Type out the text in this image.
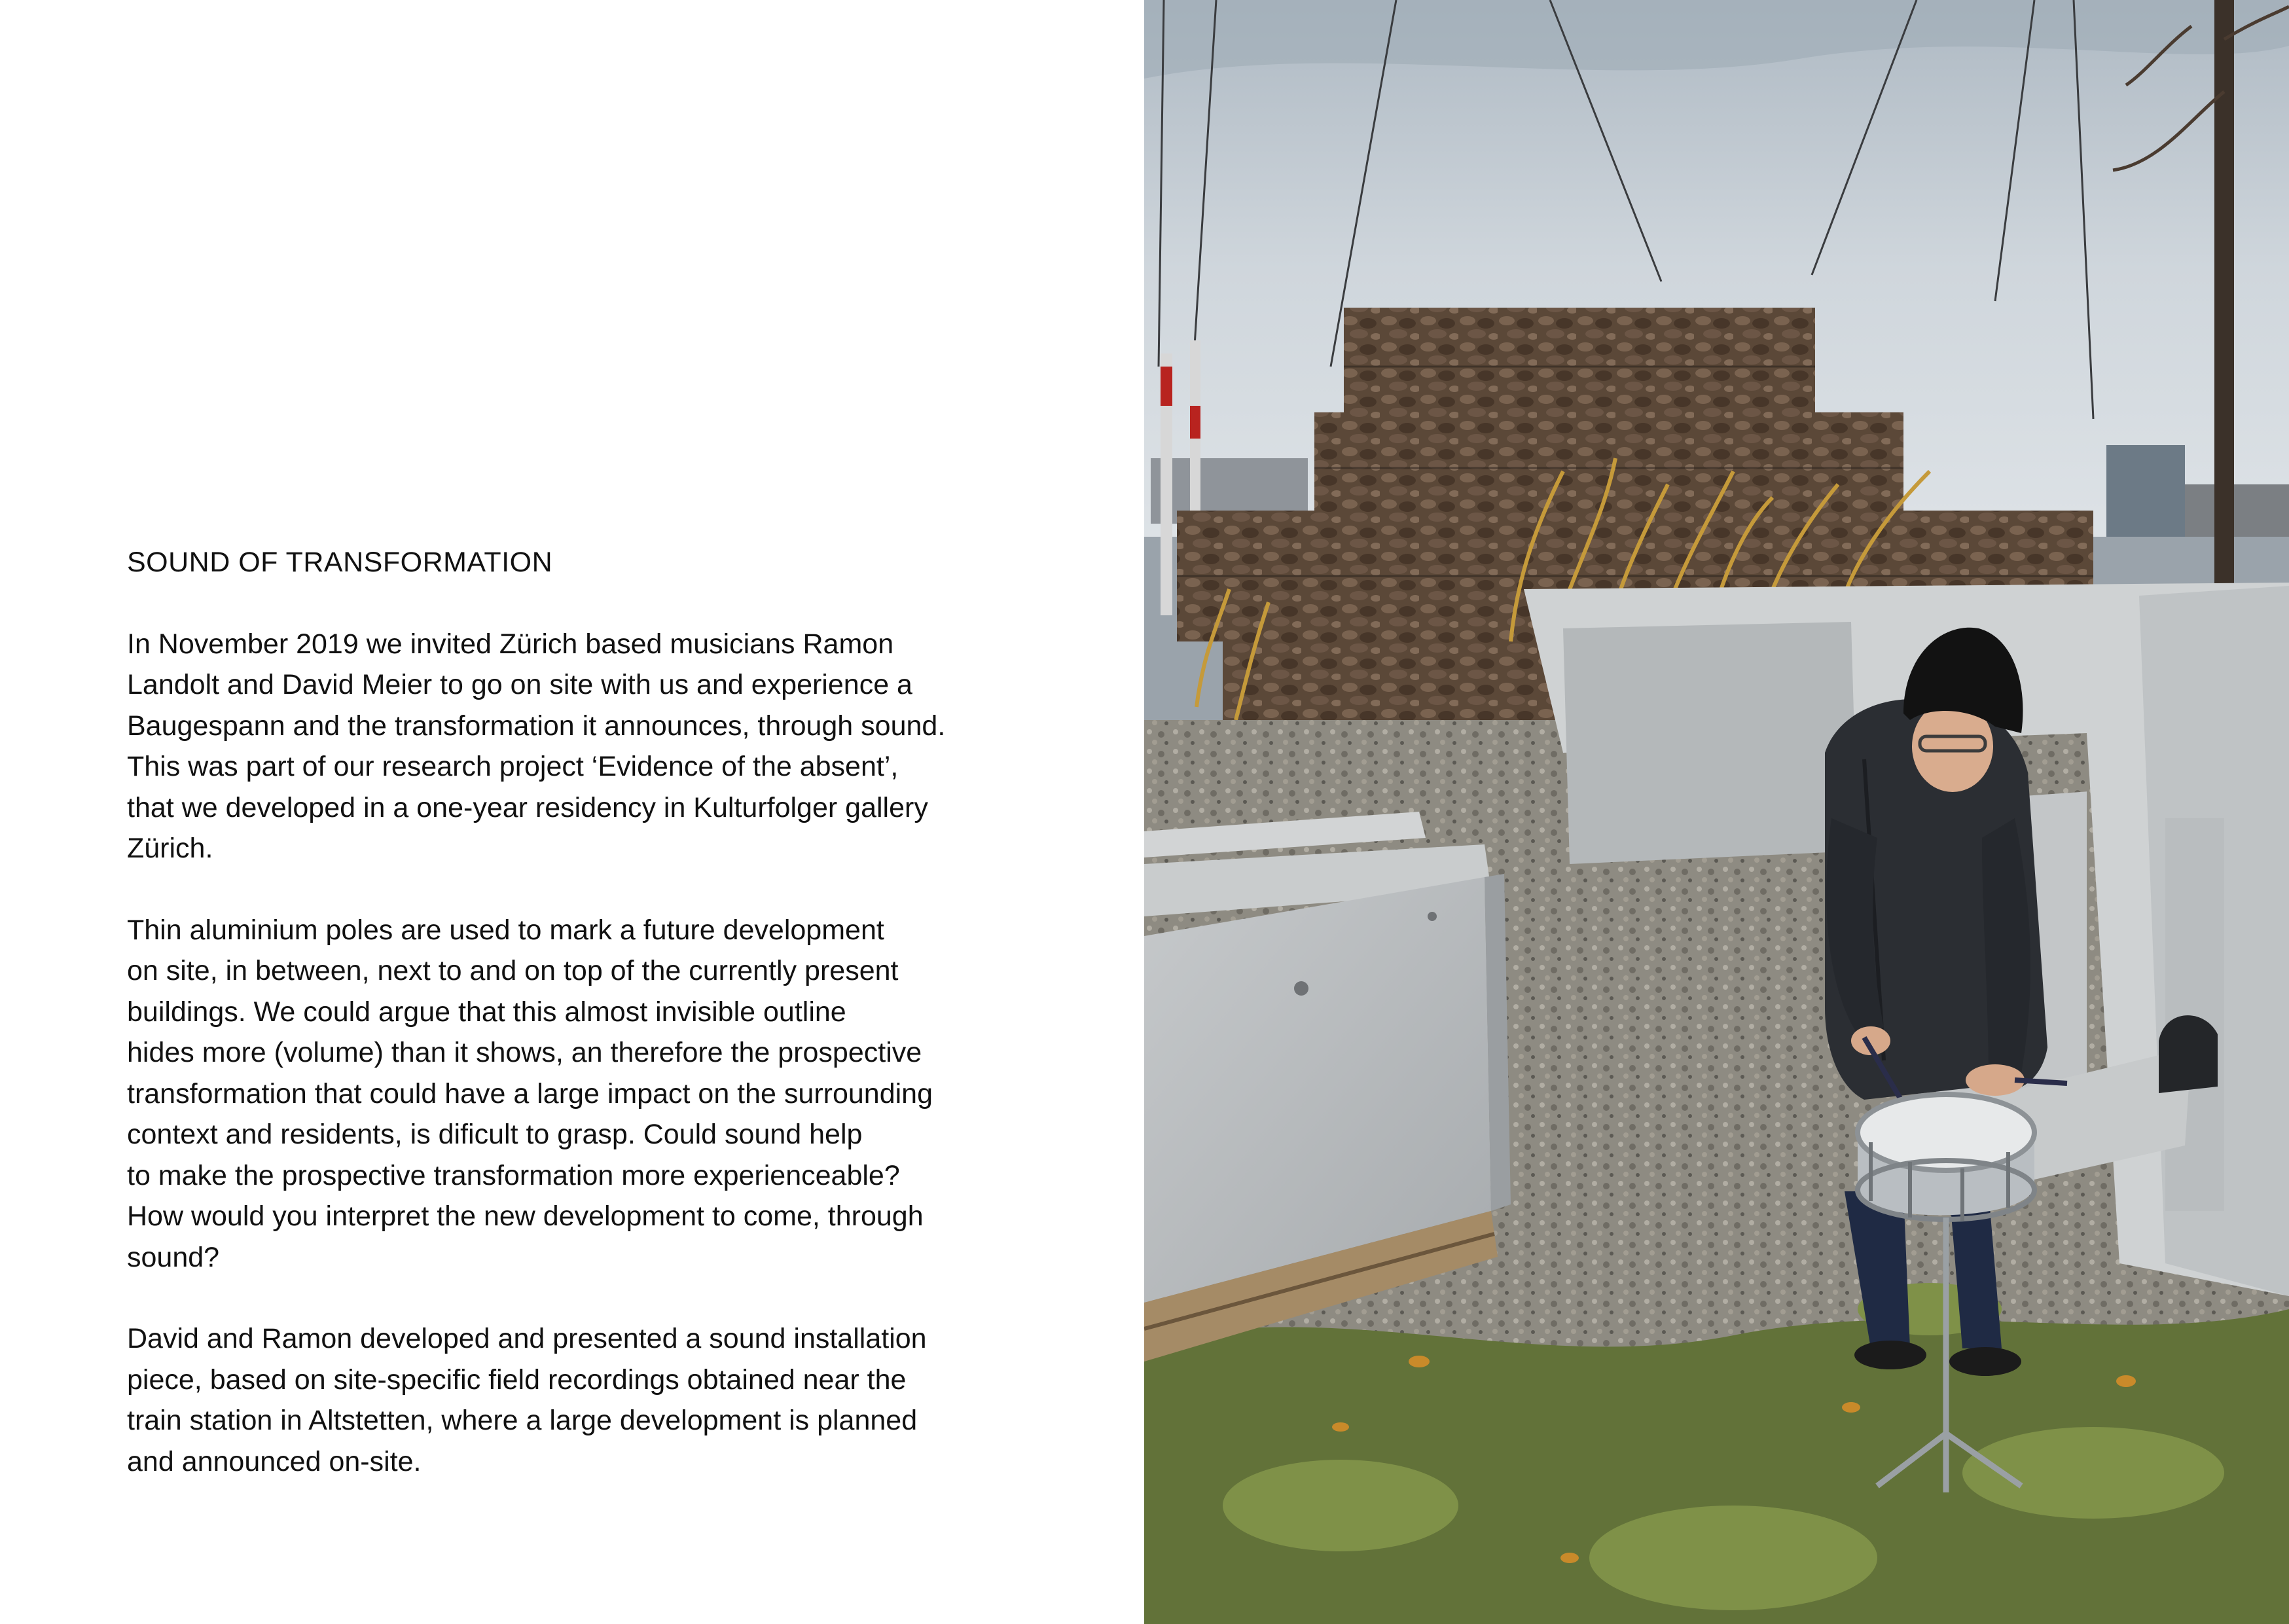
SOUND OF TRANSFORMATION

In November 2019 we invited Zürich based musicians Ramon
Landolt and David Meier to go on site with us and experience a
Baugespann and the transformation it announces, through sound.
This was part of our research project ‘Evidence of the absent’,
that we developed in a one-year residency in Kulturfolger gallery
Zürich.

Thin aluminium poles are used to mark a future development
on site, in between, next to and on top of the currently present
buildings. We could argue that this almost invisible outline
hides more (volume) than it shows, an therefore the prospective
transformation that could have a large impact on the surrounding
context and residents, is dificult to grasp. Could sound help
to make the prospective transformation more experienceable?
How would you interpret the new development to come, through
sound?

David and Ramon developed and presented a sound installation
piece, based on site-specific field recordings obtained near the
train station in Altstetten, where a large development is planned
and announced on-site.
